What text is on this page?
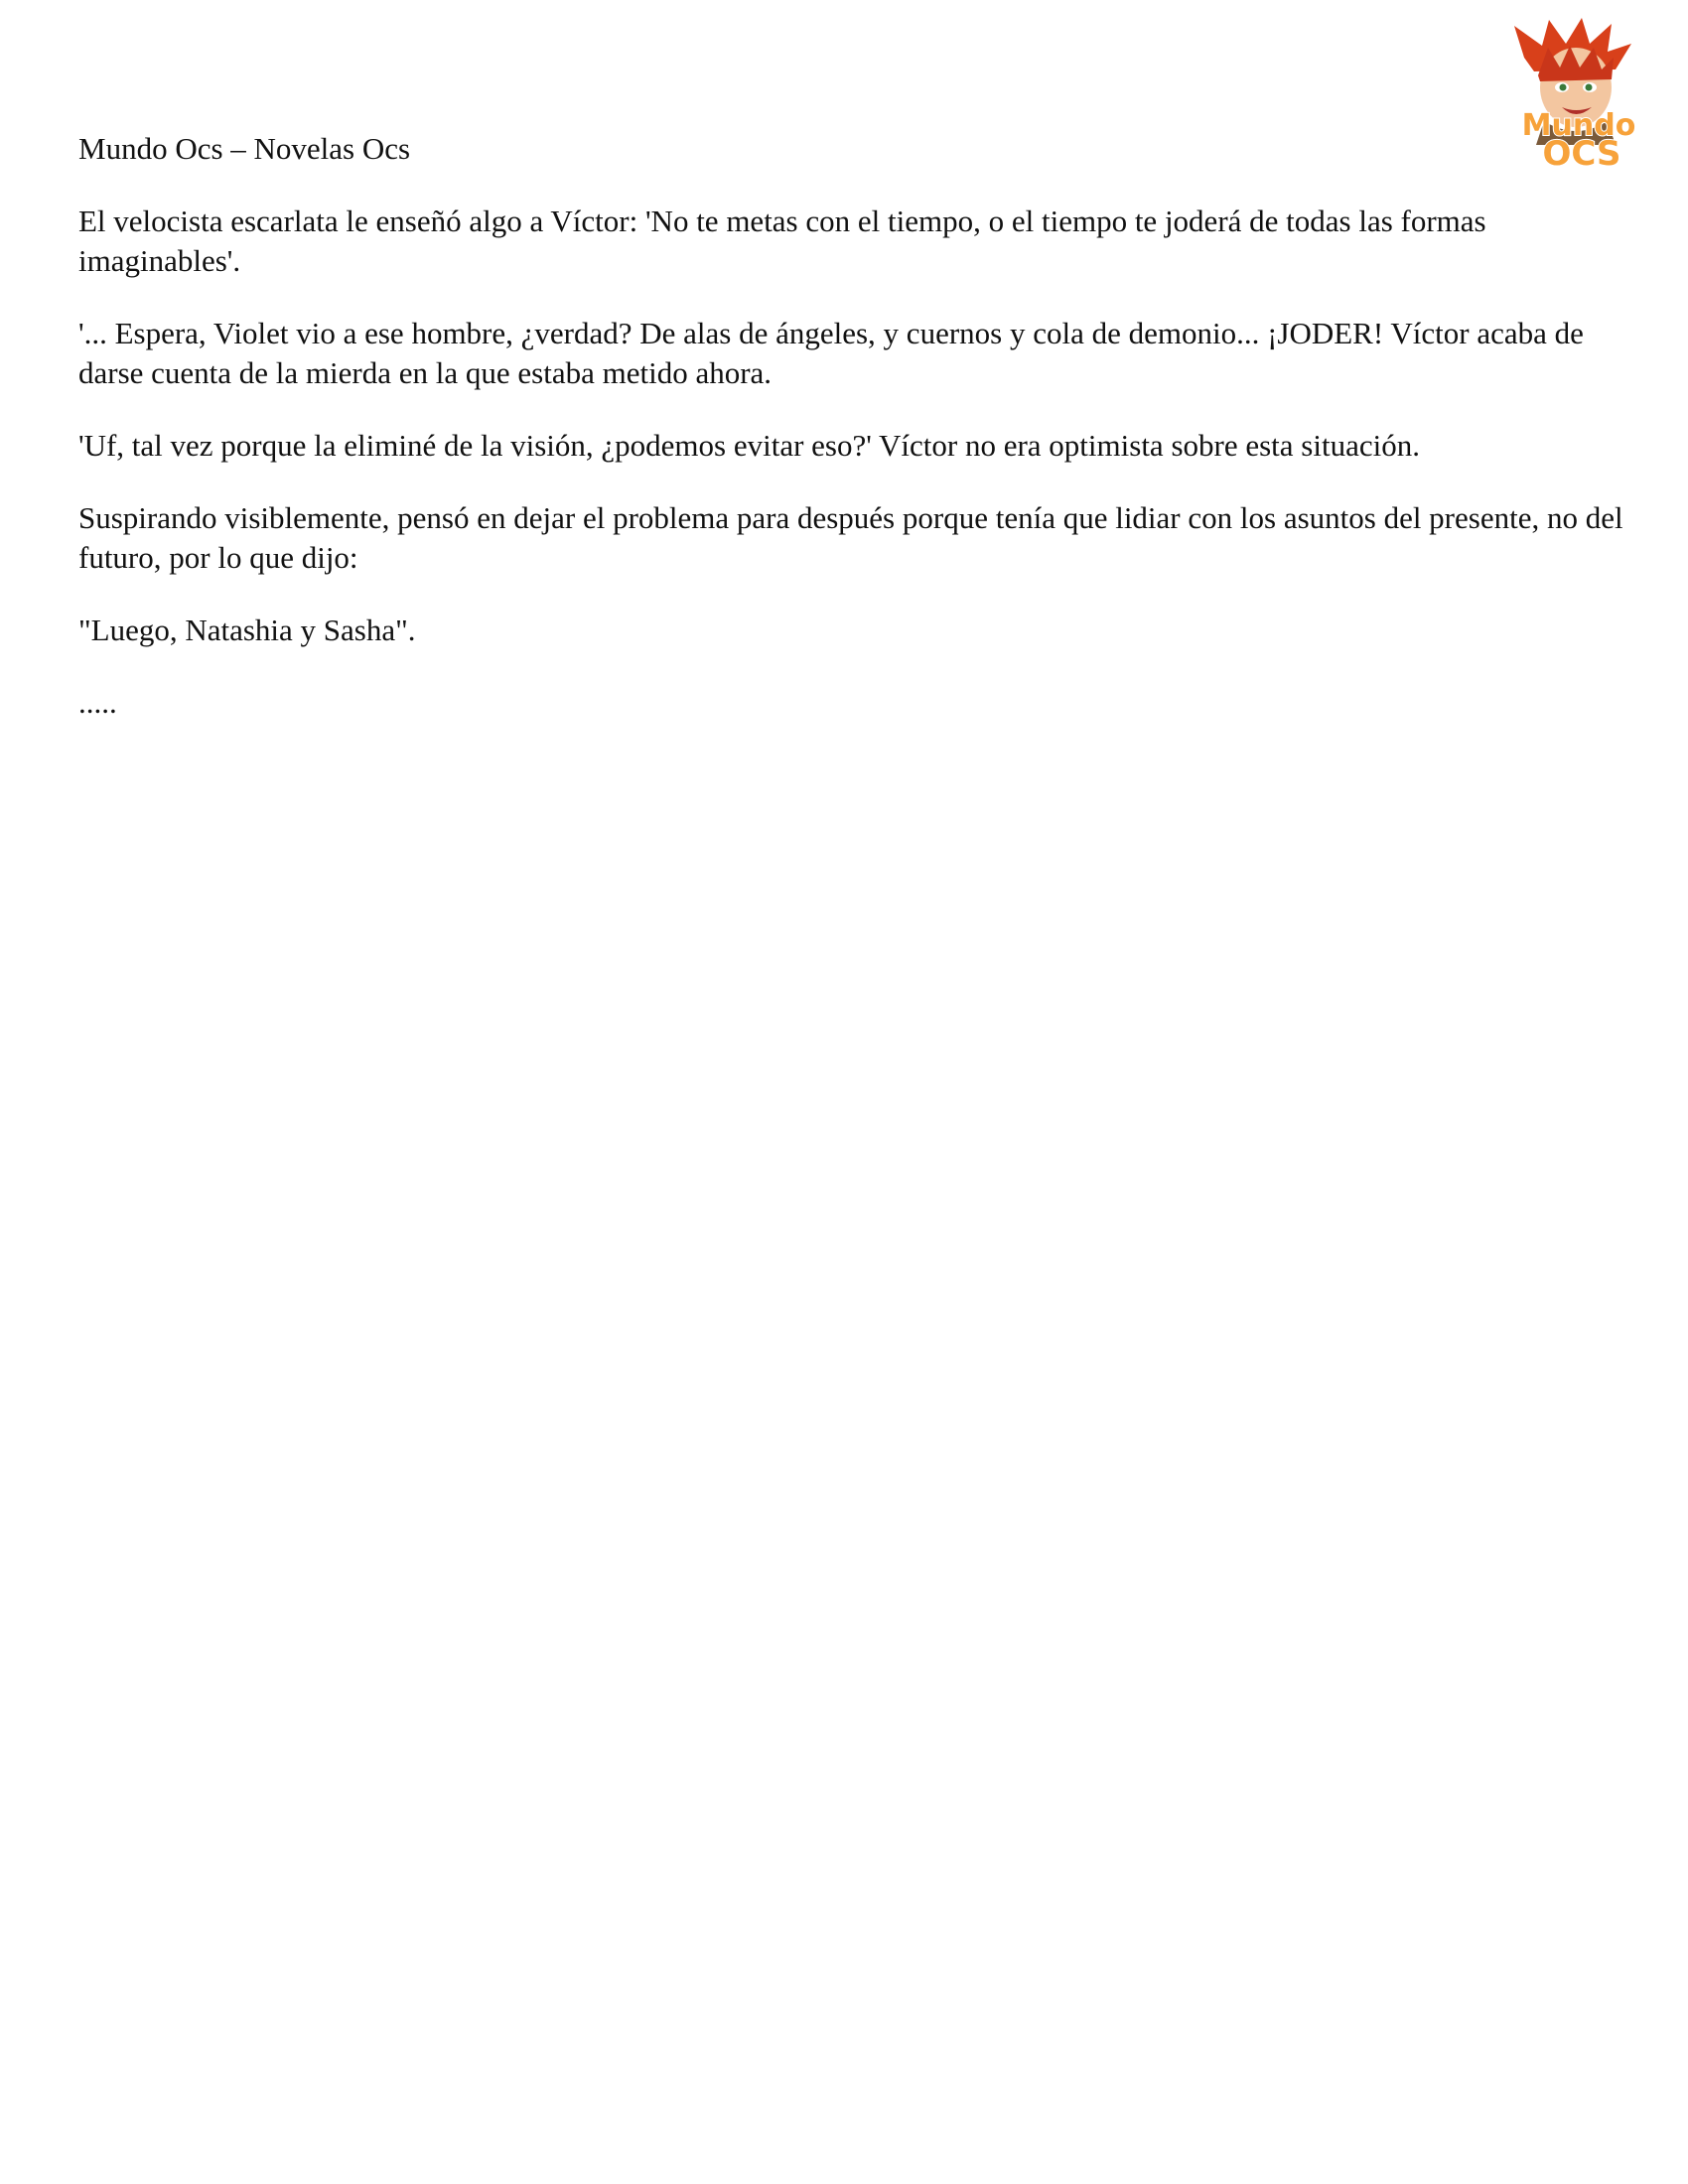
Mundo
OCS

Mundo Ocs – Novelas Ocs

El velocista escarlata le enseñó algo a Víctor: 'No te metas con el tiempo, o el tiempo te joderá de todas las formas imaginables'.

'... Espera, Violet vio a ese hombre, ¿verdad? De alas de ángeles, y cuernos y cola de demonio... ¡JODER! Víctor acaba de darse cuenta de la mierda en la que estaba metido ahora.

'Uf, tal vez porque la eliminé de la visión, ¿podemos evitar eso?' Víctor no era optimista sobre esta situación.

Suspirando visiblemente, pensó en dejar el problema para después porque tenía que lidiar con los asuntos del presente, no del futuro, por lo que dijo:

"Luego, Natashia y Sasha".

.....
